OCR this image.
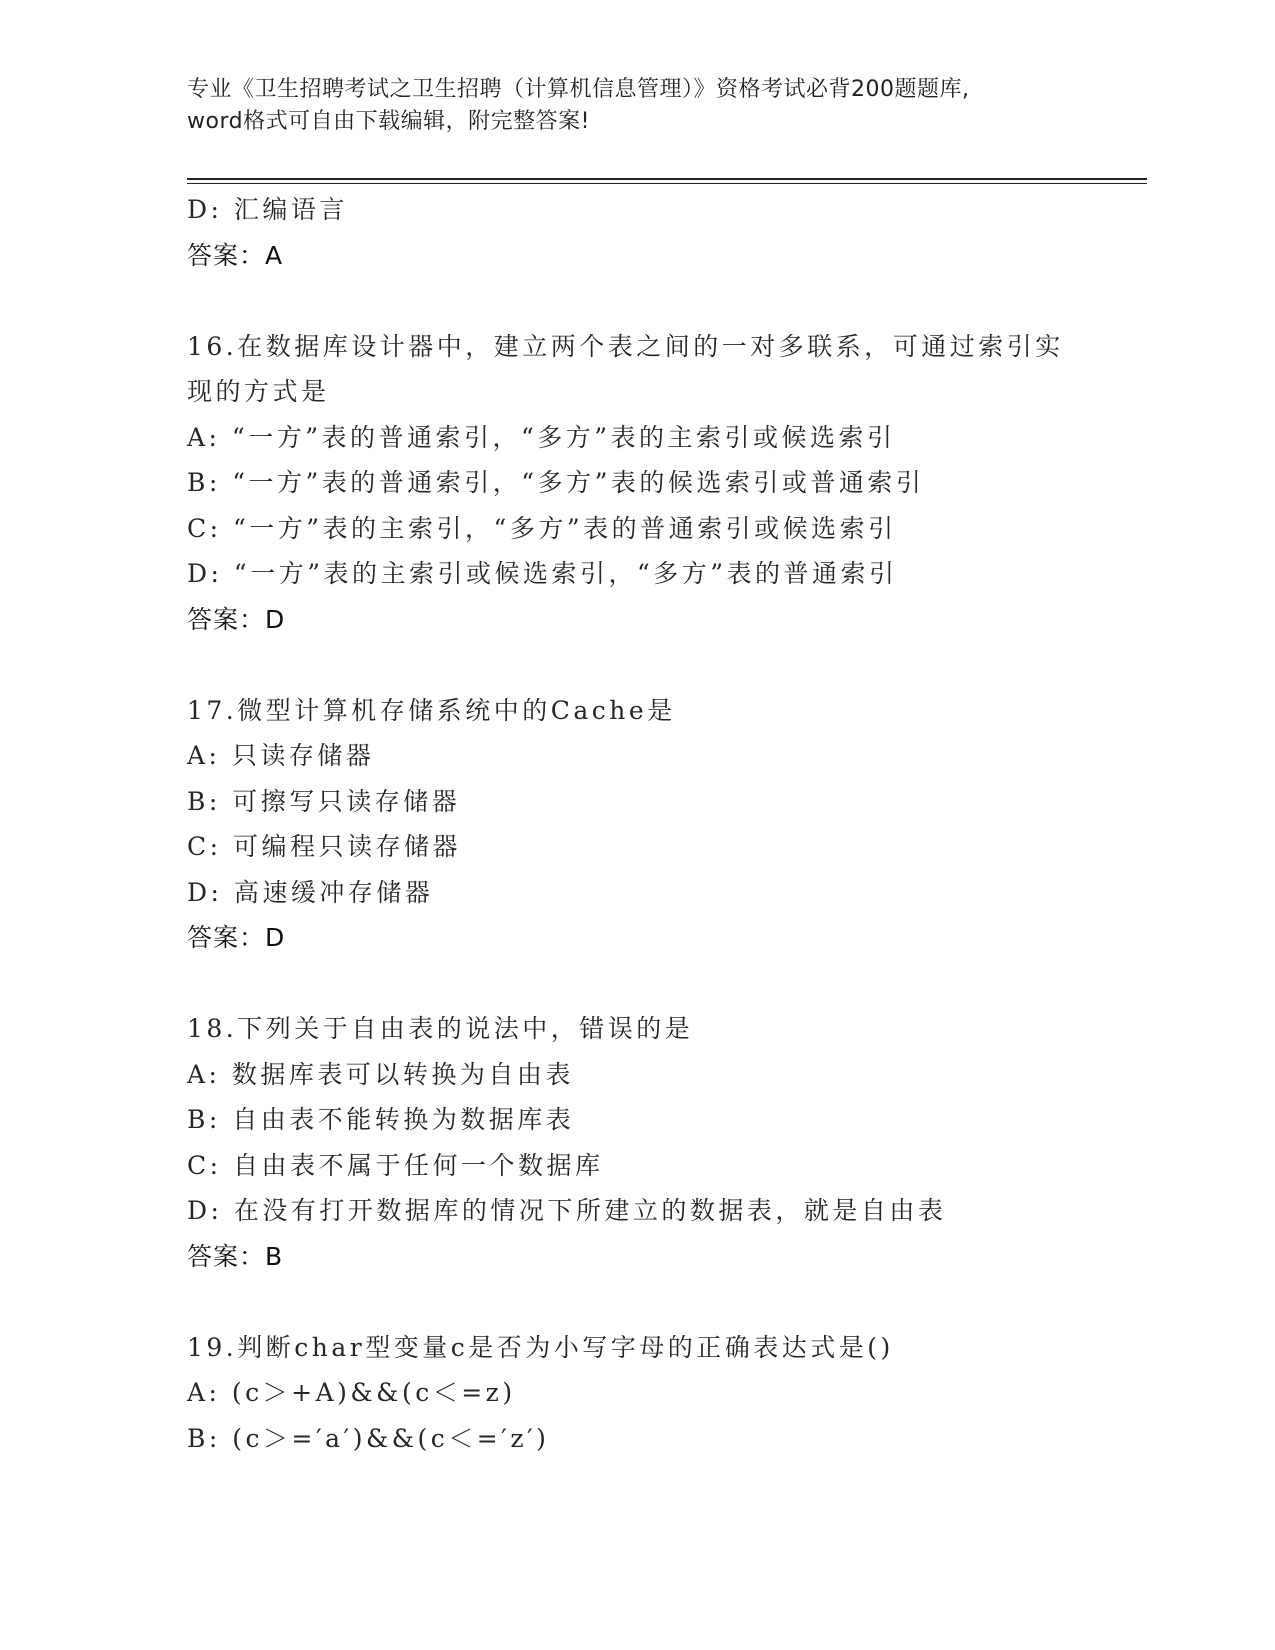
专业《卫生招聘考试之卫生招聘（计算机信息管理）》资格考试必背200题题库,
word格式可自由下载编辑，附完整答案!
D: 汇编语言
答案：A
16.在数据库设计器中，建立两个表之间的一对多联系，可通过索引实
现的方式是
A: “一方”表的普通索引，“多方”表的主索引或候选索引
B: “一方”表的普通索引，“多方”表的候选索引或普通索引
C: “一方”表的主索引，“多方”表的普通索引或候选索引
D: “一方”表的主索引或候选索引，“多方”表的普通索引
答案：D
17.微型计算机存储系统中的Cache是
A: 只读存储器
B: 可擦写只读存储器
C: 可编程只读存储器
D: 高速缓冲存储器
答案：D
18.下列关于自由表的说法中，错误的是
A: 数据库表可以转换为自由表
B: 自由表不能转换为数据库表
C: 自由表不属于任何一个数据库
D: 在没有打开数据库的情况下所建立的数据表，就是自由表
答案：B
19.判断char型变量c是否为小写字母的正确表达式是()
A: (c＞+A)&&(c＜=z)
B: (c＞=′a′)&&(c＜=′z′)
